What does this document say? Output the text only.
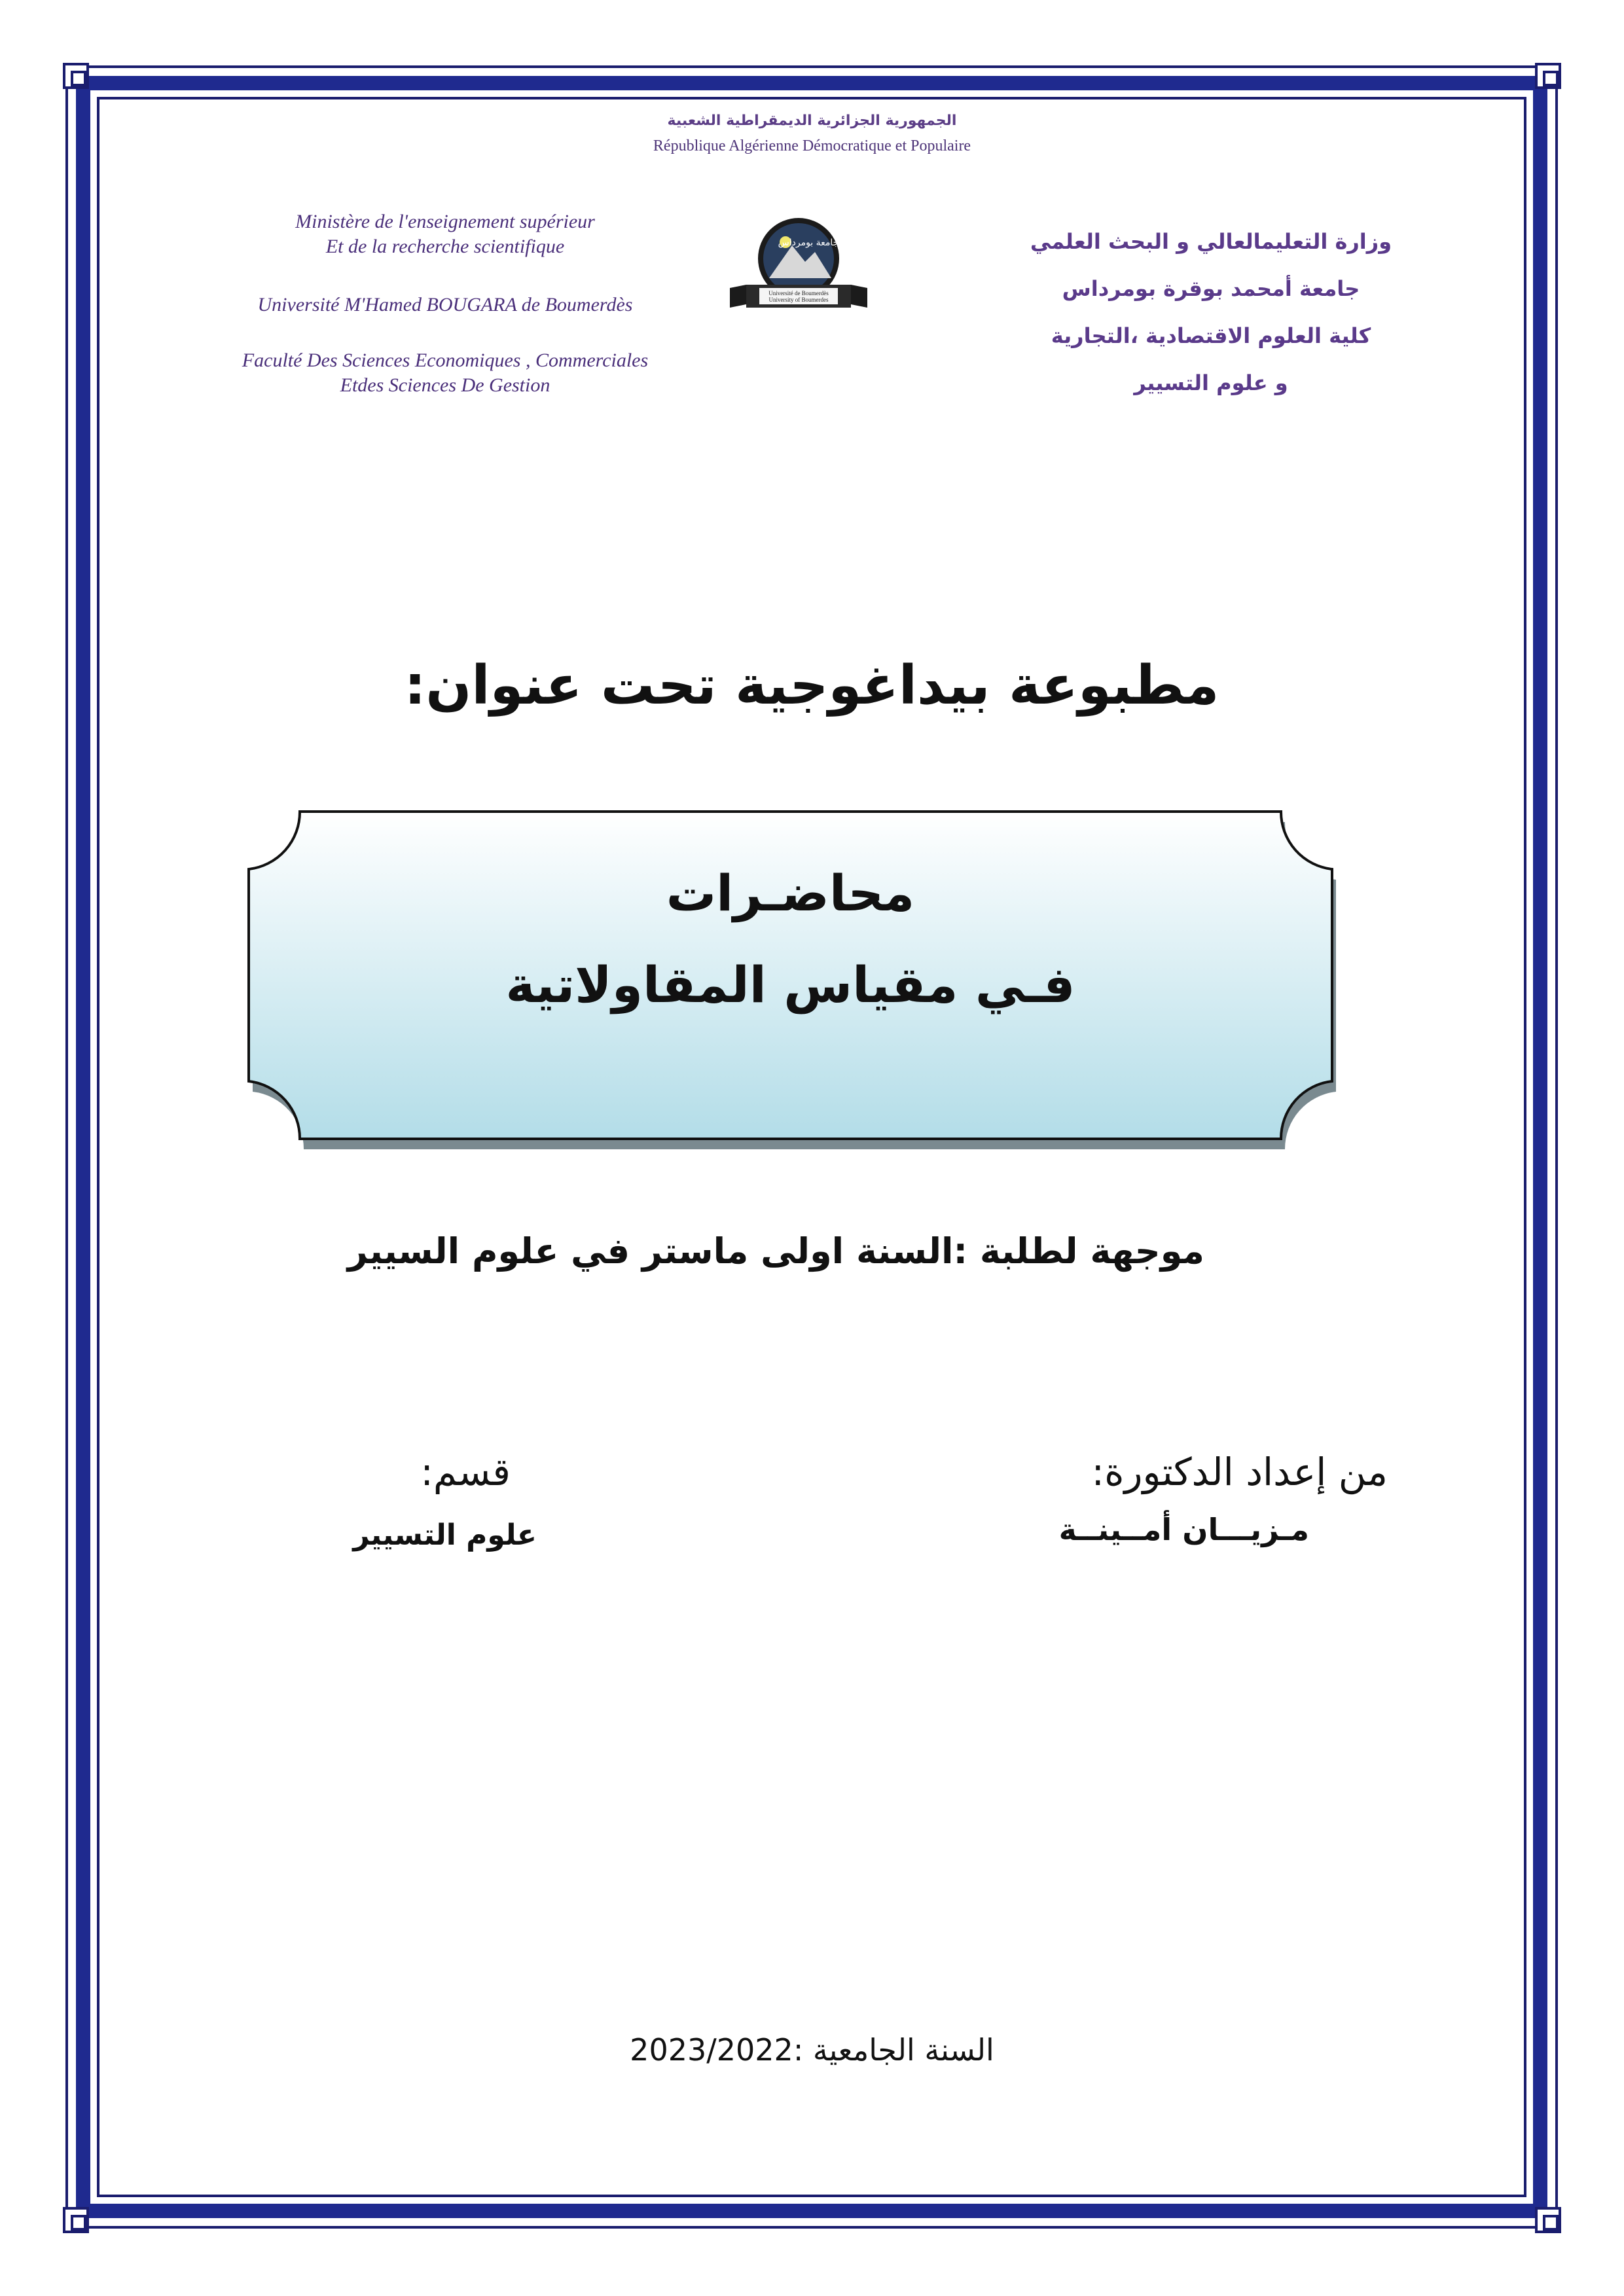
الجمهورية الجزائرية الديمقراطية الشعبية
République Algérienne Démocratique et Populaire
Ministère de l'enseignement supérieur
Et de la recherche scientifique
Université M'Hamed BOUGARA de Boumerdès
Faculté Des Sciences Economiques , Commerciales
Etdes Sciences De Gestion
وزارة التعليمالعالي و البحث العلمي
جامعة أمحمد بوقرة بومرداس
كلية العلوم الاقتصادية ،التجارية
و علوم التسيير
جامعة بومرداس
Université de Boumerdès
University of Boumerdes
مطبوعة بيداغوجية تحت عنوان:
محاضـرات
فـي مقياس المقاولاتية
موجهة لطلبة :السنة اولى ماستر في علوم السيير
من إعداد الدكتورة:
مـزيـــان أمــينــة
قسم:
علوم التسيير
السنة الجامعية :2023/2022
